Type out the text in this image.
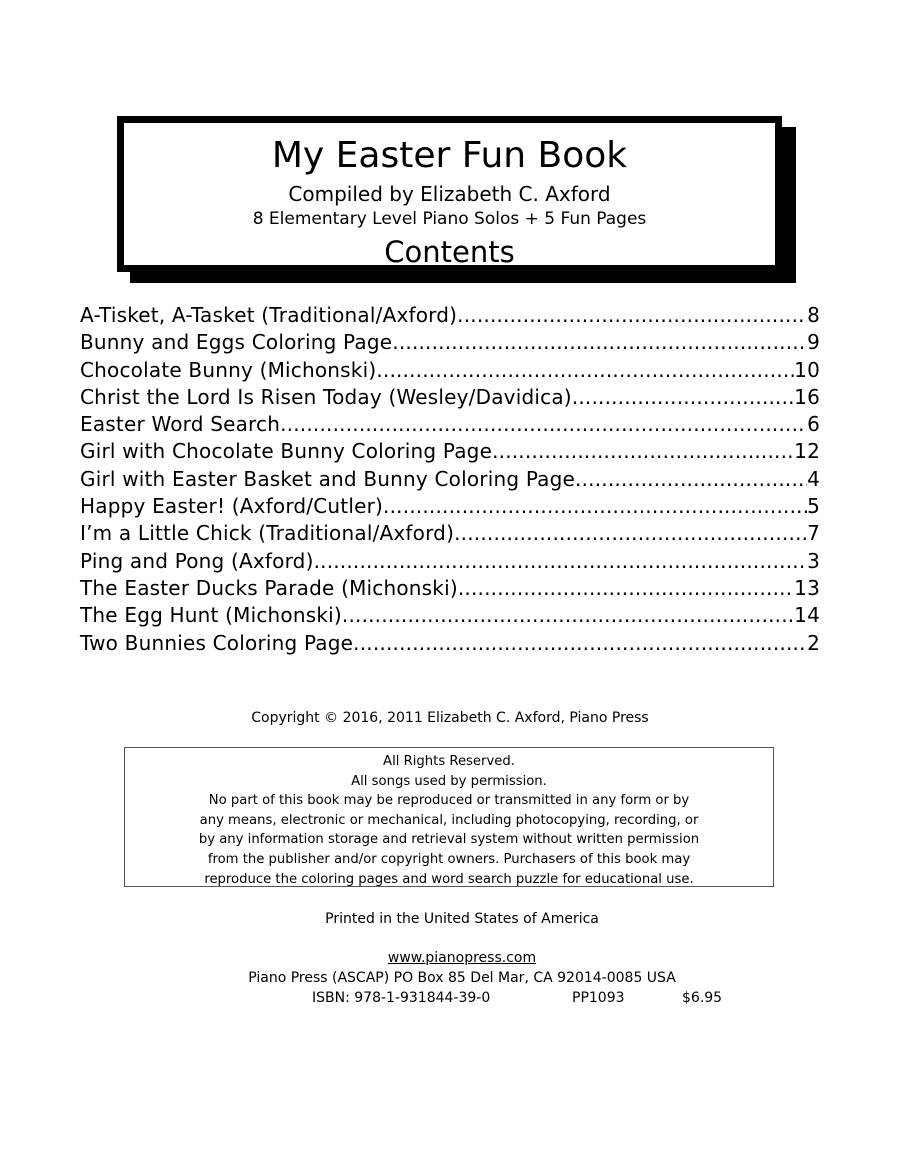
My Easter Fun Book
Compiled by Elizabeth C. Axford
8 Elementary Level Piano Solos + 5 Fun Pages
Contents
A-Tisket, A-Tasket (Traditional/Axford) .....	8
Bunny and Eggs Coloring Page .....	9
Chocolate Bunny (Michonski) .....	10
Christ the Lord Is Risen Today (Wesley/Davidica) .....	16
Easter Word Search .....	6
Girl with Chocolate Bunny Coloring Page .....	12
Girl with Easter Basket and Bunny Coloring Page .....	4
Happy Easter! (Axford/Cutler) .....	5
I’m a Little Chick (Traditional/Axford) .....	7
Ping and Pong (Axford) .....	3
The Easter Ducks Parade (Michonski) .....	13
The Egg Hunt (Michonski) .....	14
Two Bunnies Coloring Page .....	2
Copyright © 2016, 2011 Elizabeth C. Axford, Piano Press

All Rights Reserved.

All songs used by permission.

No part of this book may be reproduced or transmitted in any form or by

any means, electronic or mechanical, including photocopying, recording, or

by any information storage and retrieval system without written permission

from the publisher and/or copyright owners. Purchasers of this book may

reproduce the coloring pages and word search puzzle for educational use.

Printed in the United States of America
www.pianopress.com
Piano Press (ASCAP) PO Box 85 Del Mar, CA 92014-0085 USA
ISBN: 978-1-931844-39-0	PP1093	$6.95
